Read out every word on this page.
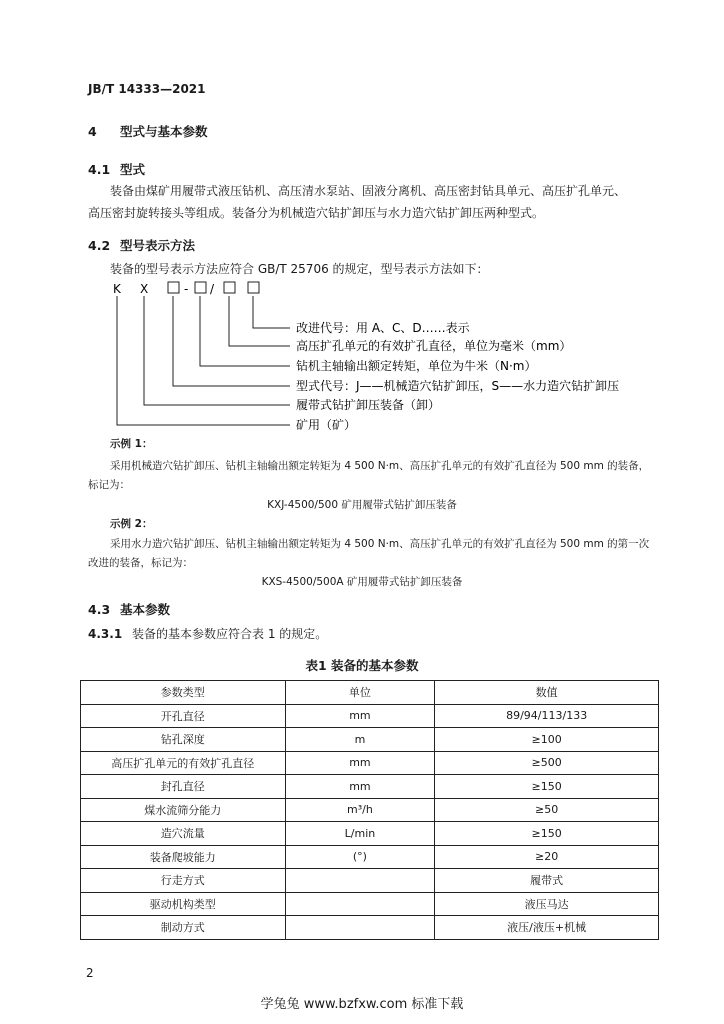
JB/T 14333—2021
4 型式与基本参数
4.1 型式
装备由煤矿用履带式液压钻机、高压清水泵站、固液分离机、高压密封钻具单元、高压扩孔单元、
高压密封旋转接头等组成。装备分为机械造穴钻扩卸压与水力造穴钻扩卸压两种型式。
4.2 型号表示方法
装备的型号表示方法应符合 GB/T 25706 的规定，型号表示方法如下：
K X	- /
改进代号：用 A、C、D……表示
高压扩孔单元的有效扩孔直径，单位为毫米（mm）
钻机主轴输出额定转矩，单位为牛米（N·m）
型式代号：J——机械造穴钻扩卸压，S——水力造穴钻扩卸压
履带式钻扩卸压装备（卸）
矿用（矿）
示例 1：
采用机械造穴钻扩卸压、钻机主轴输出额定转矩为 4 500 N·m、高压扩孔单元的有效扩孔直径为 500 mm 的装备，
标记为：
KXJ-4500/500 矿用履带式钻扩卸压装备
示例 2：
采用水力造穴钻扩卸压、钻机主轴输出额定转矩为 4 500 N·m、高压扩孔单元的有效扩孔直径为 500 mm 的第一次
改进的装备，标记为：
KXS-4500/500A 矿用履带式钻扩卸压装备
4.3 基本参数
4.3.1 装备的基本参数应符合表 1 的规定。
表1 装备的基本参数
参数类型	单位	数值
开孔直径	mm	89/94/113/133
钻孔深度	m	≥100
高压扩孔单元的有效扩孔直径	mm	≥500
封孔直径	mm	≥150
煤水流筛分能力	m³/h	≥50
造穴流量	L/min	≥150
装备爬坡能力	(°)	≥20
行走方式		履带式
驱动机构类型		液压马达
制动方式		液压/液压+机械
2
学兔兔 www.bzfxw.com 标准下载
